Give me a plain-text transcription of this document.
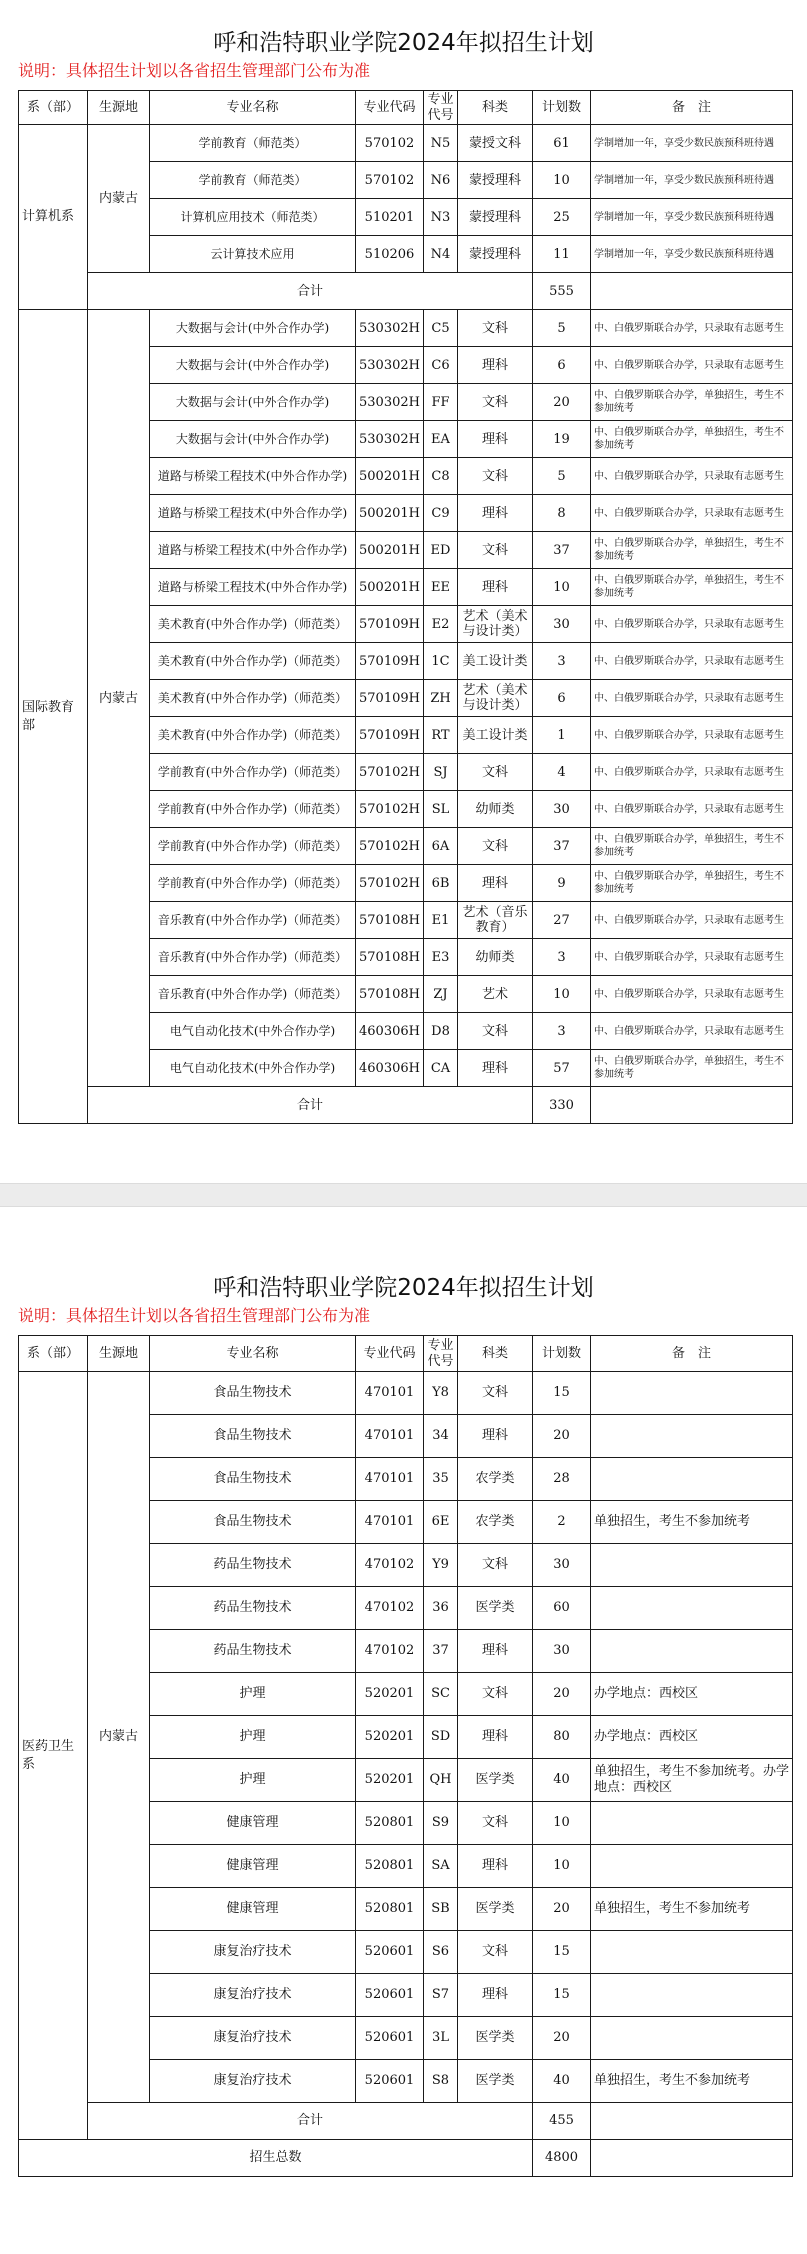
呼和浩特职业学院2024年拟招生计划
说明：具体招生计划以各省招生管理部门公布为准
系（部）	生源地	专业名称	专业代码	专业代号	科类	计划数	备　注
计算机系	内蒙古	学前教育（师范类）	570102	N5	蒙授文科	61	学制增加一年，享受少数民族预科班待遇
		学前教育（师范类）	570102	N6	蒙授理科	10	学制增加一年，享受少数民族预科班待遇
		计算机应用技术（师范类）	510201	N3	蒙授理科	25	学制增加一年，享受少数民族预科班待遇
		云计算技术应用	510206	N4	蒙授理科	11	学制增加一年，享受少数民族预科班待遇
	合计					555	
国际教育部	内蒙古	大数据与会计(中外合作办学)	530302H	C5	文科	5	中、白俄罗斯联合办学，只录取有志愿考生
		大数据与会计(中外合作办学)	530302H	C6	理科	6	中、白俄罗斯联合办学，只录取有志愿考生
		大数据与会计(中外合作办学)	530302H	FF	文科	20	中、白俄罗斯联合办学，单独招生，考生不参加统考
		大数据与会计(中外合作办学)	530302H	EA	理科	19	中、白俄罗斯联合办学，单独招生，考生不参加统考
		道路与桥梁工程技术(中外合作办学)	500201H	C8	文科	5	中、白俄罗斯联合办学，只录取有志愿考生
		道路与桥梁工程技术(中外合作办学)	500201H	C9	理科	8	中、白俄罗斯联合办学，只录取有志愿考生
		道路与桥梁工程技术(中外合作办学)	500201H	ED	文科	37	中、白俄罗斯联合办学，单独招生，考生不参加统考
		道路与桥梁工程技术(中外合作办学)	500201H	EE	理科	10	中、白俄罗斯联合办学，单独招生，考生不参加统考
		美术教育(中外合作办学)（师范类）	570109H	E2	艺术（美术与设计类）	30	中、白俄罗斯联合办学，只录取有志愿考生
		美术教育(中外合作办学)（师范类）	570109H	1C	美工设计类	3	中、白俄罗斯联合办学，只录取有志愿考生
		美术教育(中外合作办学)（师范类）	570109H	ZH	艺术（美术与设计类）	6	中、白俄罗斯联合办学，只录取有志愿考生
		美术教育(中外合作办学)（师范类）	570109H	RT	美工设计类	1	中、白俄罗斯联合办学，只录取有志愿考生
		学前教育(中外合作办学)（师范类）	570102H	SJ	文科	4	中、白俄罗斯联合办学，只录取有志愿考生
		学前教育(中外合作办学)（师范类）	570102H	SL	幼师类	30	中、白俄罗斯联合办学，只录取有志愿考生
		学前教育(中外合作办学)（师范类）	570102H	6A	文科	37	中、白俄罗斯联合办学，单独招生，考生不参加统考
		学前教育(中外合作办学)（师范类）	570102H	6B	理科	9	中、白俄罗斯联合办学，单独招生，考生不参加统考
		音乐教育(中外合作办学)（师范类）	570108H	E1	艺术（音乐教育）	27	中、白俄罗斯联合办学，只录取有志愿考生
		音乐教育(中外合作办学)（师范类）	570108H	E3	幼师类	3	中、白俄罗斯联合办学，只录取有志愿考生
		音乐教育(中外合作办学)（师范类）	570108H	ZJ	艺术	10	中、白俄罗斯联合办学，只录取有志愿考生
		电气自动化技术(中外合作办学)	460306H	D8	文科	3	中、白俄罗斯联合办学，只录取有志愿考生
		电气自动化技术(中外合作办学)	460306H	CA	理科	57	中、白俄罗斯联合办学，单独招生，考生不参加统考
	合计					330	
呼和浩特职业学院2024年拟招生计划
说明：具体招生计划以各省招生管理部门公布为准
系（部）	生源地	专业名称	专业代码	专业代号	科类	计划数	备　注
医药卫生系	内蒙古	食品生物技术	470101	Y8	文科	15	
		食品生物技术	470101	34	理科	20	
		食品生物技术	470101	35	农学类	28	
		食品生物技术	470101	6E	农学类	2	单独招生，考生不参加统考
		药品生物技术	470102	Y9	文科	30	
		药品生物技术	470102	36	医学类	60	
		药品生物技术	470102	37	理科	30	
		护理	520201	SC	文科	20	办学地点：西校区
		护理	520201	SD	理科	80	办学地点：西校区
		护理	520201	QH	医学类	40	单独招生，考生不参加统考。办学地点：西校区
		健康管理	520801	S9	文科	10	
		健康管理	520801	SA	理科	10	
		健康管理	520801	SB	医学类	20	单独招生，考生不参加统考
		康复治疗技术	520601	S6	文科	15	
		康复治疗技术	520601	S7	理科	15	
		康复治疗技术	520601	3L	医学类	20	
		康复治疗技术	520601	S8	医学类	40	单独招生，考生不参加统考
	合计					455	
招生总数						4800	
